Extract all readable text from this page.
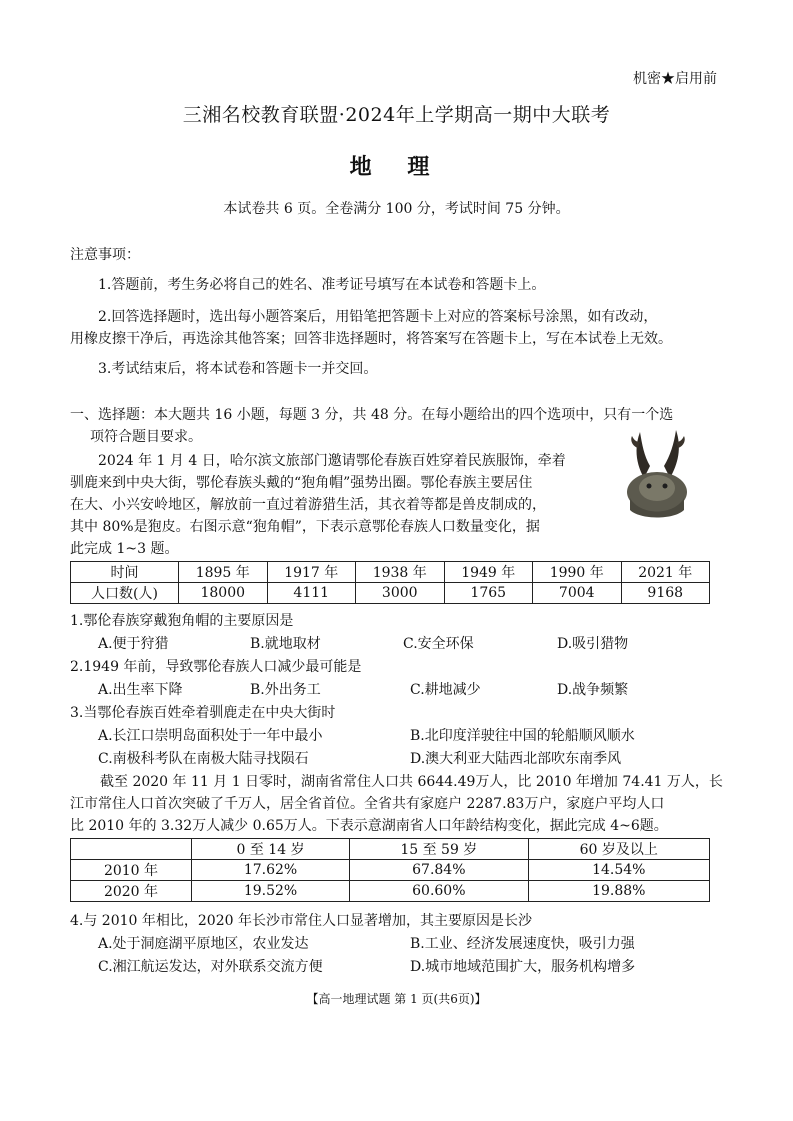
机密★启用前
三湘名校教育联盟·2024年上学期高一期中大联考
地 理
本试卷共 6 页。全卷满分 100 分，考试时间 75 分钟。
注意事项：
1.答题前，考生务必将自己的姓名、准考证号填写在本试卷和答题卡上。
2.回答选择题时，选出每小题答案后，用铅笔把答题卡上对应的答案标号涂黑，如有改动，
用橡皮擦干净后，再选涂其他答案；回答非选择题时，将答案写在答题卡上，写在本试卷上无效。
3.考试结束后，将本试卷和答题卡一并交回。
一、选择题：本大题共 16 小题，每题 3 分，共 48 分。在每小题给出的四个选项中，只有一个选
项符合题目要求。
2024 年 1 月 4 日，哈尔滨文旅部门邀请鄂伦春族百姓穿着民族服饰，牵着
驯鹿来到中央大街，鄂伦春族头戴的“狍角帽”强势出圈。鄂伦春族主要居住
在大、小兴安岭地区，解放前一直过着游猎生活，其衣着等都是兽皮制成的，
其中 80%是狍皮。右图示意“狍角帽”，下表示意鄂伦春族人口数量变化，据
此完成 1~3 题。
时间	1895 年	1917 年	1938 年	1949 年	1990 年	2021 年
人口数(人)	18000	4111	3000	1765	7004	9168
1.鄂伦春族穿戴狍角帽的主要原因是
A.便于狩猎	B.就地取材	C.安全环保	D.吸引猎物
2.1949 年前，导致鄂伦春族人口减少最可能是
A.出生率下降	B.外出务工	C.耕地减少	D.战争频繁
3.当鄂伦春族百姓牵着驯鹿走在中央大街时
A.长江口崇明岛面积处于一年中最小	B.北印度洋驶往中国的轮船顺风顺水
C.南极科考队在南极大陆寻找陨石	D.澳大利亚大陆西北部吹东南季风
截至 2020 年 11 月 1 日零时，湖南省常住人口共 6644.49万人，比 2010 年增加 74.41 万人，长
江市常住人口首次突破了千万人，居全省首位。全省共有家庭户 2287.83万户，家庭户平均人口
比 2010 年的 3.32万人减少 0.65万人。下表示意湖南省人口年龄结构变化，据此完成 4~6题。
	0 至 14 岁	15 至 59 岁	60 岁及以上
2010 年	17.62%	67.84%	14.54%
2020 年	19.52%	60.60%	19.88%
4.与 2010 年相比，2020 年长沙市常住人口显著增加，其主要原因是长沙
A.处于洞庭湖平原地区，农业发达	B.工业、经济发展速度快，吸引力强
C.湘江航运发达，对外联系交流方便	D.城市地域范围扩大，服务机构增多
【高一地理试题 第 1 页(共6页)】
